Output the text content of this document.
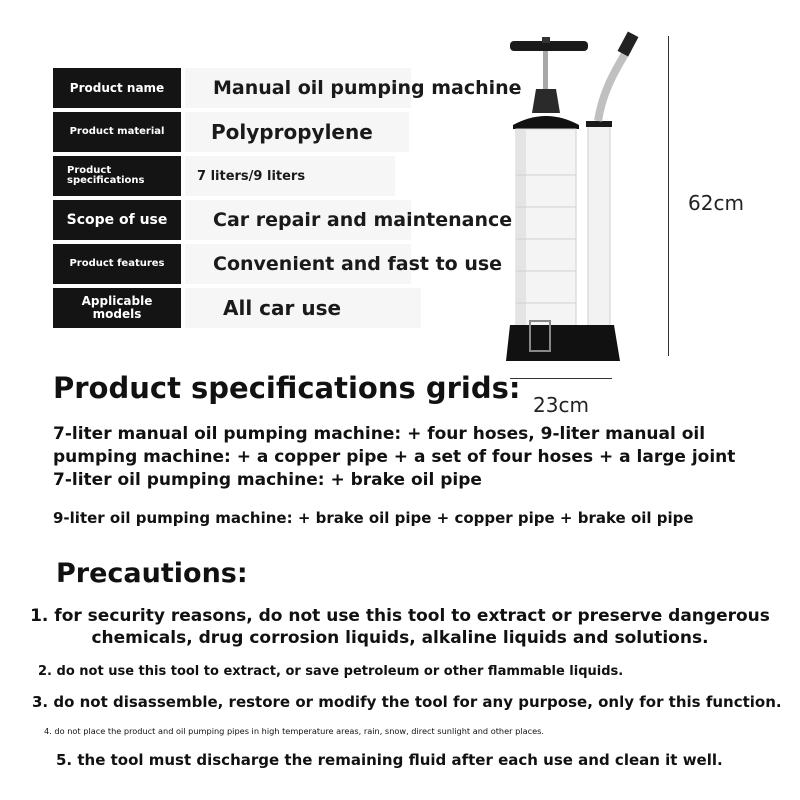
Product name	Manual oil pumping machine
Product material	Polypropylene
Product specifications	7 liters/9 liters
Scope of use	Car repair and maintenance
Product features	Convenient and fast to use
Applicable models	All car use
62cm
23cm
Product specifications grids:
7-liter manual oil pumping machine: + four hoses, 9-liter manual oil pumping machine: + a copper pipe + a set of four hoses + a large joint 7-liter oil pumping machine: + brake oil pipe
9-liter oil pumping machine: + brake oil pipe + copper pipe + brake oil pipe
Precautions:
1. for security reasons, do not use this tool to extract or preserve dangerous chemicals, drug corrosion liquids, alkaline liquids and solutions.
2. do not use this tool to extract, or save petroleum or other flammable liquids.
3. do not disassemble, restore or modify the tool for any purpose, only for this function.
4. do not place the product and oil pumping pipes in high temperature areas, rain, snow, direct sunlight and other places.
5. the tool must discharge the remaining fluid after each use and clean it well.
